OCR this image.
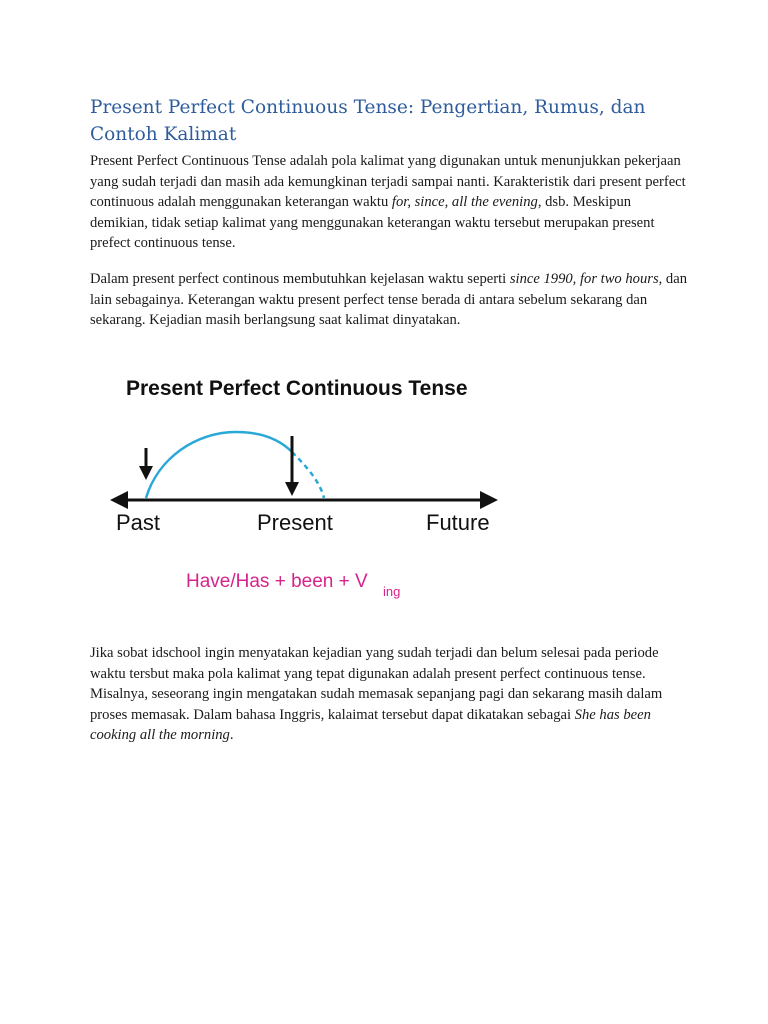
Present Perfect Continuous Tense: Pengertian, Rumus, dan Contoh Kalimat

Present Perfect Continuous Tense adalah pola kalimat yang digunakan untuk menunjukkan pekerjaan yang sudah terjadi dan masih ada kemungkinan terjadi sampai nanti. Karakteristik dari present perfect continuous adalah menggunakan keterangan waktu for, since, all the evening, dsb. Meskipun demikian, tidak setiap kalimat yang menggunakan keterangan waktu tersebut merupakan present prefect continuous tense.

Dalam present perfect continous membutuhkan kejelasan waktu seperti since 1990, for two hours, dan lain sebagainya. Keterangan waktu present perfect tense berada di antara sebelum sekarang dan sekarang. Kejadian masih berlangsung saat kalimat dinyatakan.

Present Perfect Continuous Tense
Past	Present	Future
Have/Has + been + V ing

Jika sobat idschool ingin menyatakan kejadian yang sudah terjadi dan belum selesai pada periode waktu tersbut maka pola kalimat yang tepat digunakan adalah present perfect continuous tense. Misalnya, seseorang ingin mengatakan sudah memasak sepanjang pagi dan sekarang masih dalam proses memasak. Dalam bahasa Inggris, kalaimat tersebut dapat dikatakan sebagai She has been cooking all the morning.
